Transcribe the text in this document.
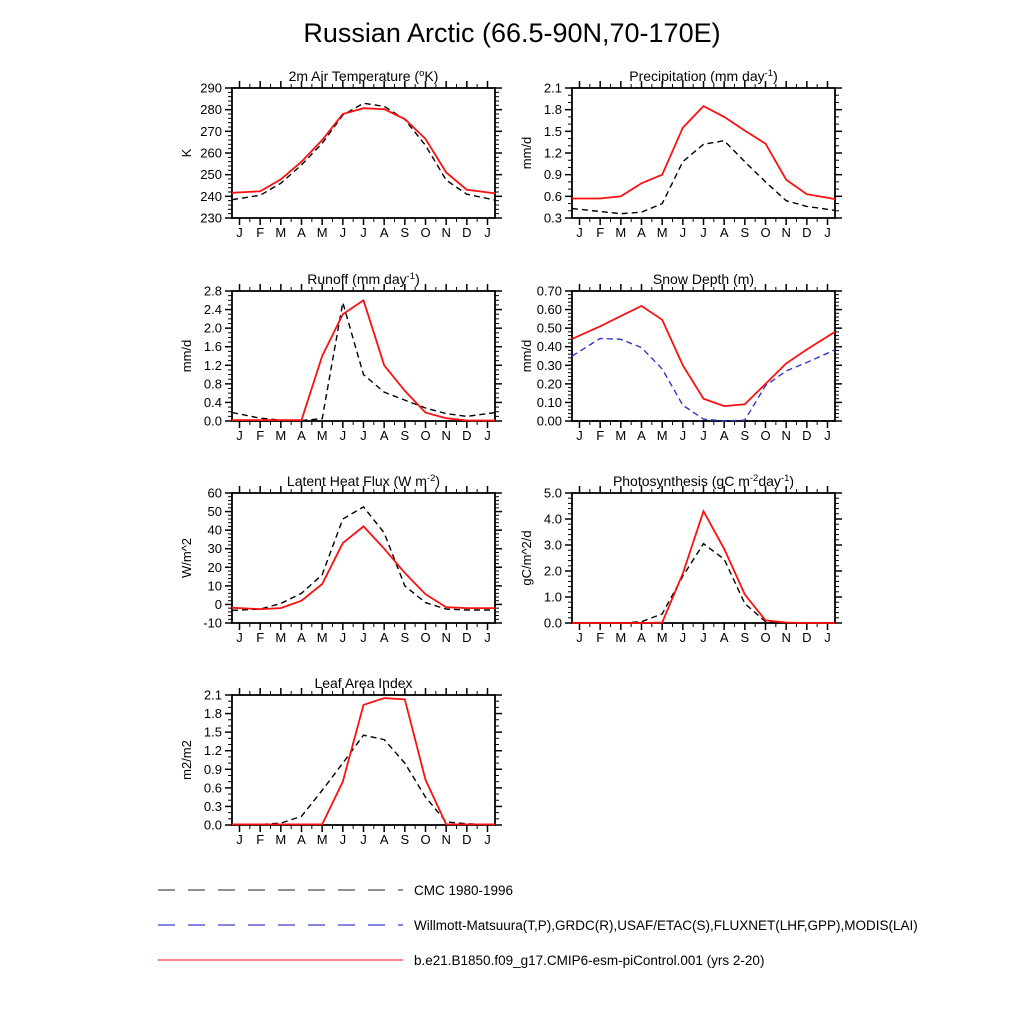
Russian Arctic (66.5-90N,70-170E)
CMC 1980-1996
Willmott-Matsuura(T,P),GRDC(R),USAF/ETAC(S),FLUXNET(LHF,GPP),MODIS(LAI)
b.e21.B1850.f09_g17.CMIP6-esm-piControl.001 (yrs 2-20)
230
240
250
260
270
280
290
J F M A M J J A S O N D J
K
2m Air Temperature ($^o$K)
0.3
0.6
0.9
1.2
1.5
1.8
2.1
J F M A M J J A S O N D J
mm/d
Precipitation (mm day$^{-1}$)
0.0
0.4
0.8
1.2
1.6
2.0
2.4
2.8
J F M A M J J A S O N D J
mm/d
Runoff (mm day$^{-1}$)
0.00
0.10
0.20
0.30
0.40
0.50
0.60
0.70
J F M A M J J A S O N D J
mm/d
Snow Depth (m)
-10
0
10
20
30
40
50
60
J F M A M J J A S O N D J
W/m^2
Latent Heat Flux (W $m^{-2}$)
0.0
1.0
2.0
3.0
4.0
5.0
J F M A M J J A S O N D J
gC/m^2/d
Photosynthesis (gC $m^{-2}day^{-1}$)
0.0
0.3
0.6
0.9
1.2
1.5
1.8
2.1
J F M A M J J A S O N D J
m2/m2
Leaf Area Index
